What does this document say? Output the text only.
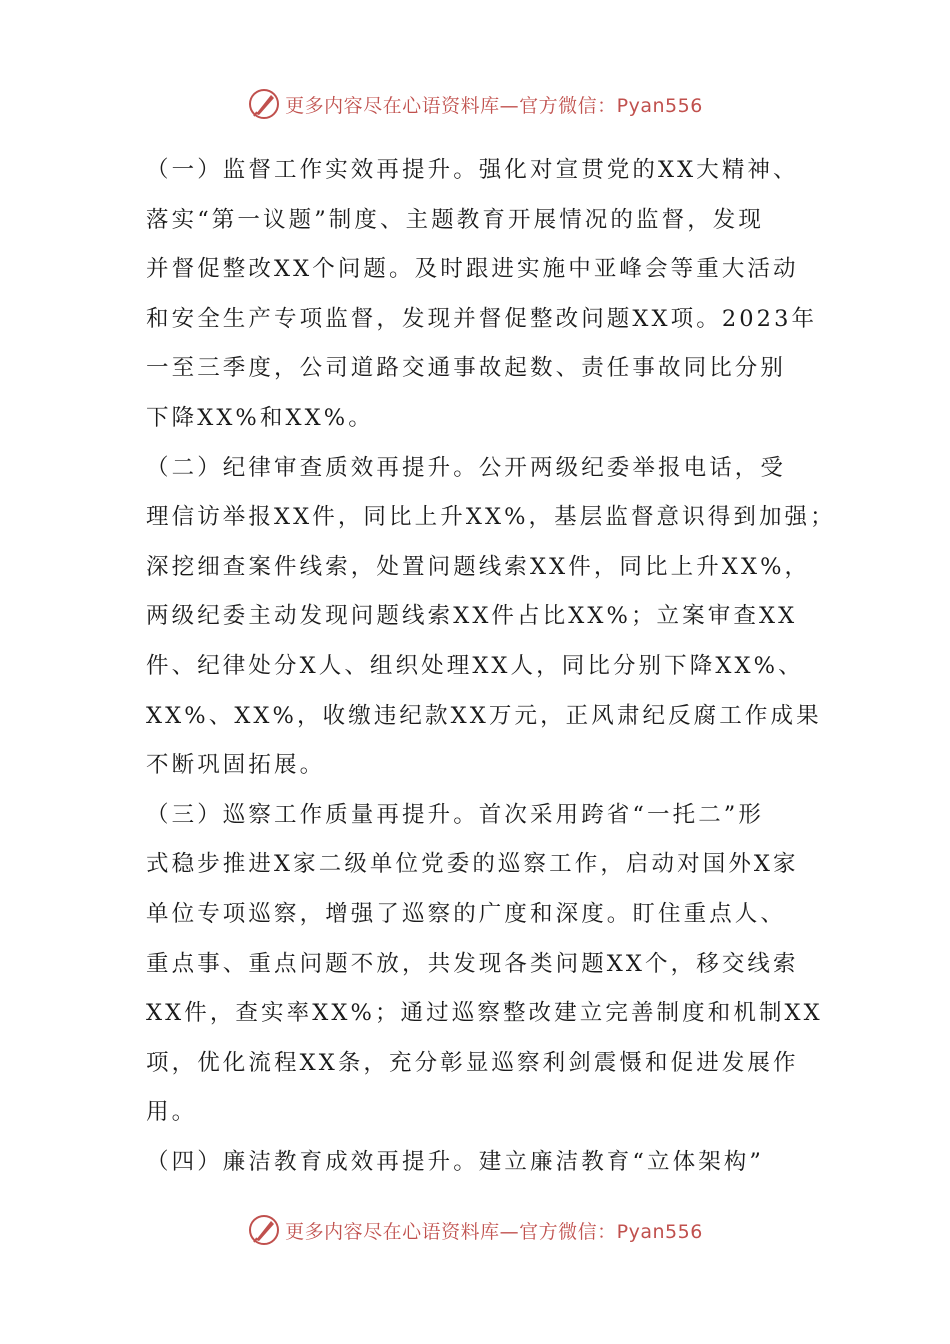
更多内容尽在心语资料库—官方微信：Pyan556

（一）监督工作实效再提升。强化对宣贯党的XX大精神、
落实“第一议题”制度、主题教育开展情况的监督，发现
并督促整改XX个问题。及时跟进实施中亚峰会等重大活动
和安全生产专项监督，发现并督促整改问题XX项。2023年
一至三季度，公司道路交通事故起数、责任事故同比分别
下降XX%和XX%。

（二）纪律审查质效再提升。公开两级纪委举报电话，受
理信访举报XX件，同比上升XX%，基层监督意识得到加强；
深挖细查案件线索，处置问题线索XX件，同比上升XX%，
两级纪委主动发现问题线索XX件占比XX%；立案审查XX
件、纪律处分X人、组织处理XX人，同比分别下降XX%、
XX%、XX%，收缴违纪款XX万元，正风肃纪反腐工作成果
不断巩固拓展。

（三）巡察工作质量再提升。首次采用跨省“一托二”形
式稳步推进X家二级单位党委的巡察工作，启动对国外X家
单位专项巡察，增强了巡察的广度和深度。盯住重点人、
重点事、重点问题不放，共发现各类问题XX个，移交线索
XX件，查实率XX%；通过巡察整改建立完善制度和机制XX
项，优化流程XX条，充分彰显巡察利剑震慑和促进发展作
用。

（四）廉洁教育成效再提升。建立廉洁教育“立体架构”

更多内容尽在心语资料库—官方微信：Pyan556
